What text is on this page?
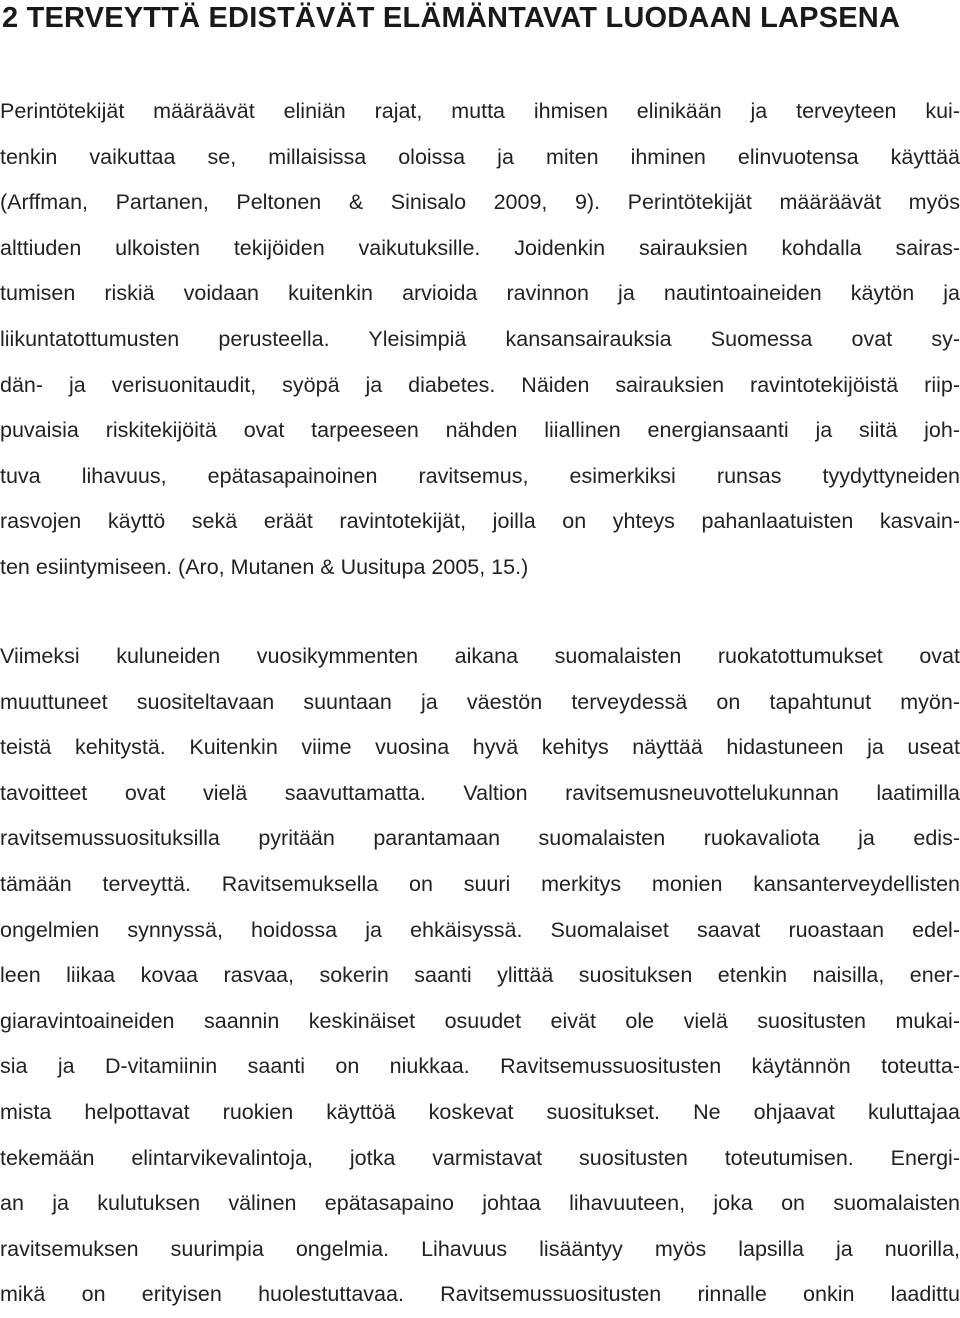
2 TERVEYTTÄ EDISTÄVÄT ELÄMÄNTAVAT LUODAAN LAPSENA
Perintötekijät määräävät eliniän rajat, mutta ihmisen elinikään ja terveyteen kui-
tenkin vaikuttaa se, millaisissa oloissa ja miten ihminen elinvuotensa käyttää
(Arffman, Partanen, Peltonen & Sinisalo 2009, 9). Perintötekijät määräävät myös
alttiuden ulkoisten tekijöiden vaikutuksille. Joidenkin sairauksien kohdalla sairas-
tumisen riskiä voidaan kuitenkin arvioida ravinnon ja nautintoaineiden käytön ja
liikuntatottumusten perusteella. Yleisimpiä kansansairauksia Suomessa ovat sy-
dän- ja verisuonitaudit, syöpä ja diabetes. Näiden sairauksien ravintotekijöistä riip-
puvaisia riskitekijöitä ovat tarpeeseen nähden liiallinen energiansaanti ja siitä joh-
tuva lihavuus, epätasapainoinen ravitsemus, esimerkiksi runsas tyydyttyneiden
rasvojen käyttö sekä eräät ravintotekijät, joilla on yhteys pahanlaatuisten kasvain-
ten esiintymiseen. (Aro, Mutanen & Uusitupa 2005, 15.)
Viimeksi kuluneiden vuosikymmenten aikana suomalaisten ruokatottumukset ovat
muuttuneet suositeltavaan suuntaan ja väestön terveydessä on tapahtunut myön-
teistä kehitystä. Kuitenkin viime vuosina hyvä kehitys näyttää hidastuneen ja useat
tavoitteet ovat vielä saavuttamatta. Valtion ravitsemusneuvottelukunnan laatimilla
ravitsemussuosituksilla pyritään parantamaan suomalaisten ruokavaliota ja edis-
tämään terveyttä. Ravitsemuksella on suuri merkitys monien kansanterveydellisten
ongelmien synnyssä, hoidossa ja ehkäisyssä. Suomalaiset saavat ruoastaan edel-
leen liikaa kovaa rasvaa, sokerin saanti ylittää suosituksen etenkin naisilla, ener-
giaravintoaineiden saannin keskinäiset osuudet eivät ole vielä suositusten mukai-
sia ja D-vitamiinin saanti on niukkaa. Ravitsemussuositusten käytännön toteutta-
mista helpottavat ruokien käyttöä koskevat suositukset. Ne ohjaavat kuluttajaa
tekemään elintarvikevalintoja, jotka varmistavat suositusten toteutumisen. Energi-
an ja kulutuksen välinen epätasapaino johtaa lihavuuteen, joka on suomalaisten
ravitsemuksen suurimpia ongelmia. Lihavuus lisääntyy myös lapsilla ja nuorilla,
mikä on erityisen huolestuttavaa. Ravitsemussuositusten rinnalle onkin laadittu
